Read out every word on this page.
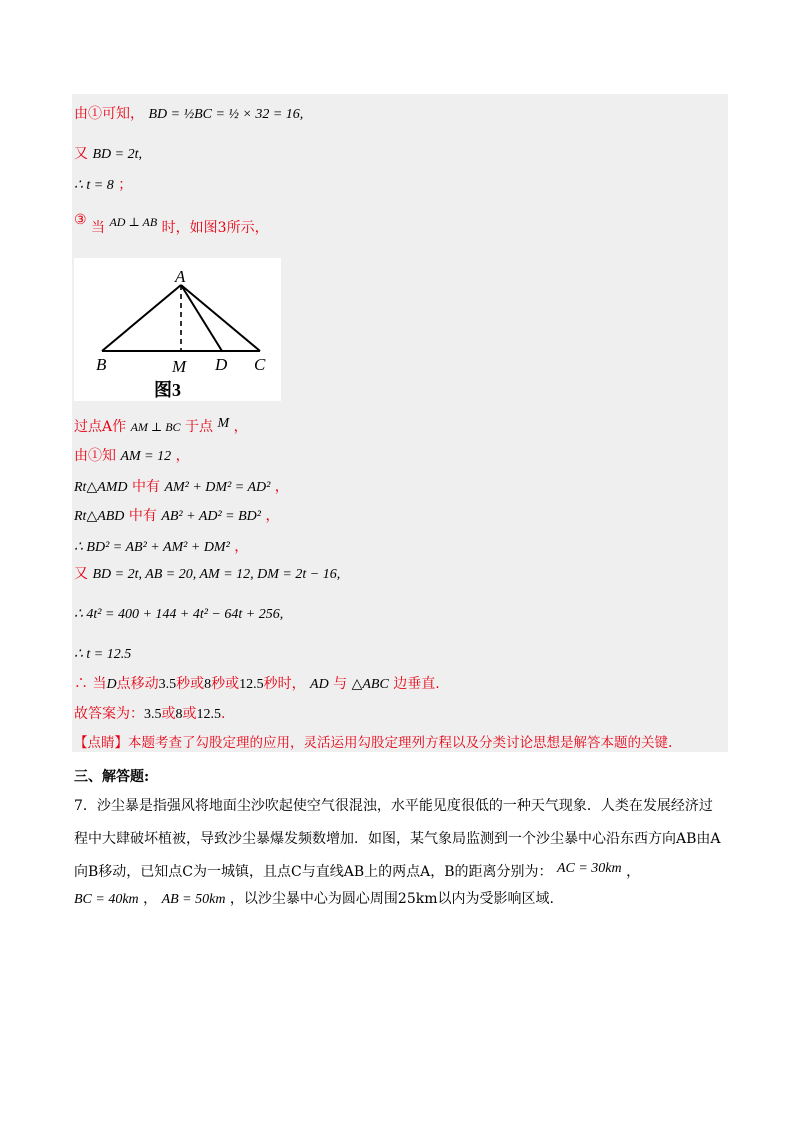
由①可知， BD = ½BC = ½ × 32 = 16,
又 BD = 2t,
∴ t = 8 ；
③ 当 AD ⊥ AB 时，如图3所示，
A
B	M D C
图3
过点A作 AM ⊥ BC 于点 M ，
由①知 AM = 12 ，
Rt△AMD 中有 AM² + DM² = AD² ，
Rt△ABD 中有 AB² + AD² = BD² ，
∴ BD² = AB² + AM² + DM² ，
又 BD = 2t, AB = 20, AM = 12, DM = 2t − 16,
∴ 4t² = 400 + 144 + 4t² − 64t + 256,
∴ t = 12.5
∴ 当D点移动3.5秒或8秒或12.5秒时， AD 与 △ABC 边垂直.
故答案为：3.5或8或12.5.
【点睛】本题考查了勾股定理的应用，灵活运用勾股定理列方程以及分类讨论思想是解答本题的关键.
三、解答题:
7．沙尘暴是指强风将地面尘沙吹起使空气很混浊，水平能见度很低的一种天气现象．人类在发展经济过
程中大肆破坏植被，导致沙尘暴爆发频数增加．如图，某气象局监测到一个沙尘暴中心沿东西方向AB由A
向B移动，已知点C为一城镇，且点C与直线AB上的两点A，B的距离分别为： AC = 30km ，
BC = 40km ， AB = 50km ，以沙尘暴中心为圆心周围25km以内为受影响区域.
